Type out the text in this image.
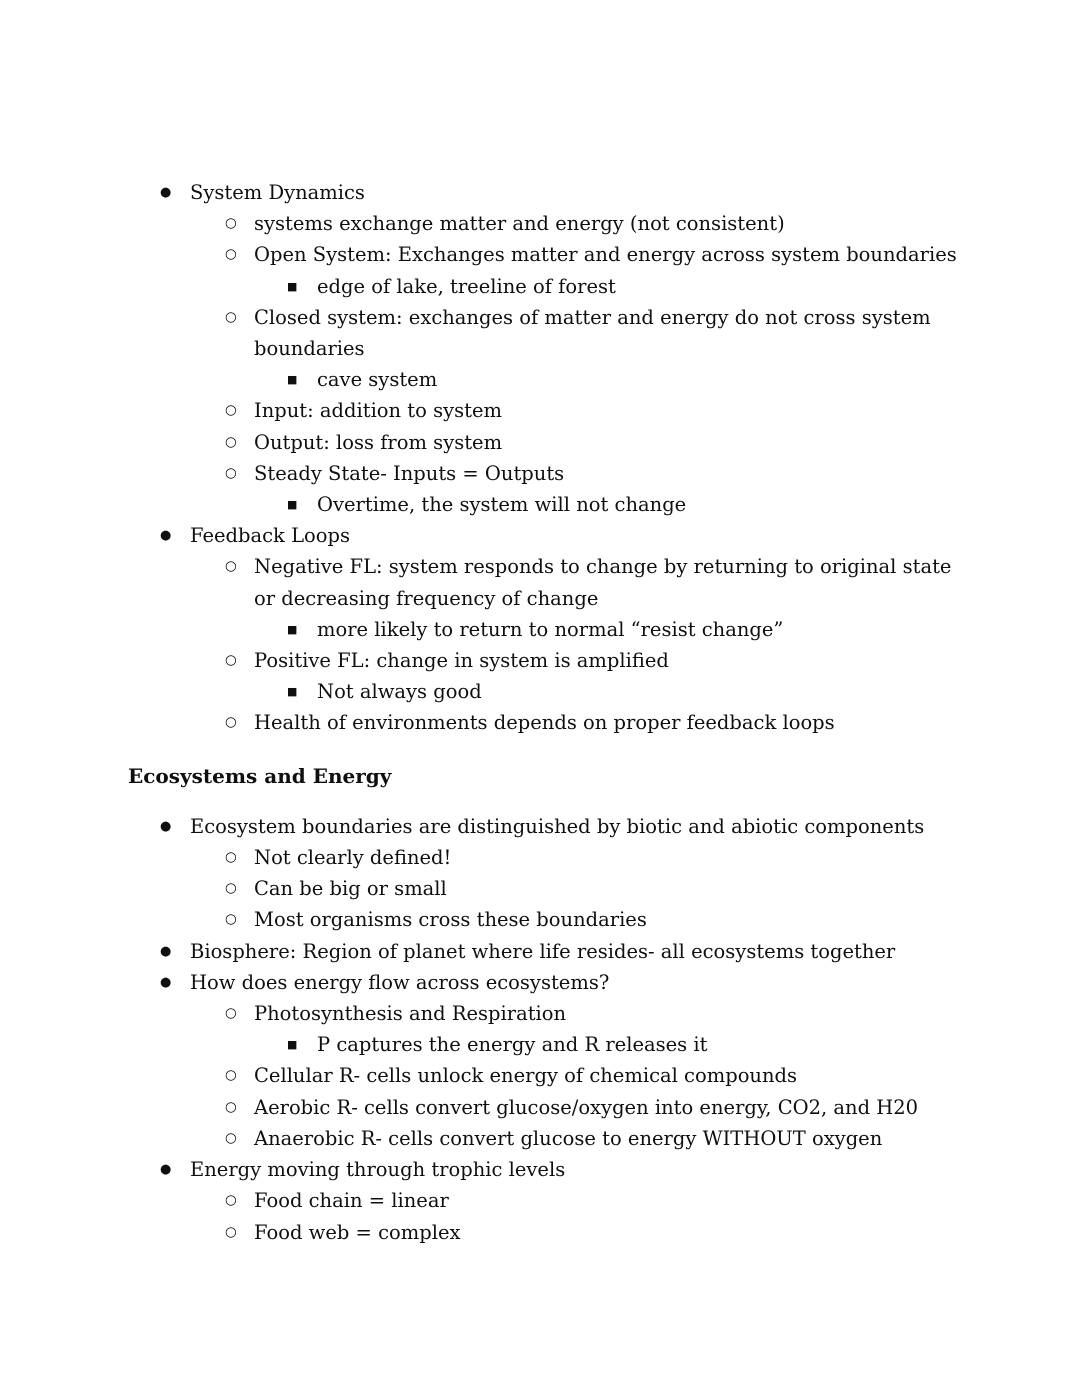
● System Dynamics
○ systems exchange matter and energy (not consistent)
○ Open System: Exchanges matter and energy across system boundaries
■	edge of lake, treeline of forest
○ Closed system: exchanges of matter and energy do not cross system
boundaries
■	cave system
○ Input: addition to system
○ Output: loss from system
○ Steady State- Inputs = Outputs
■	Overtime, the system will not change
● Feedback Loops
○ Negative FL: system responds to change by returning to original state
or decreasing frequency of change
■	more likely to return to normal “resist change”
○ Positive FL: change in system is amplified
■	Not always good
○ Health of environments depends on proper feedback loops
Ecosystems and Energy
● Ecosystem boundaries are distinguished by biotic and abiotic components
○ Not clearly defined!
○ Can be big or small
○ Most organisms cross these boundaries
● Biosphere: Region of planet where life resides- all ecosystems together
● How does energy flow across ecosystems?
○ Photosynthesis and Respiration
■	P captures the energy and R releases it
○ Cellular R- cells unlock energy of chemical compounds
○ Aerobic R- cells convert glucose/oxygen into energy, CO2, and H20
○ Anaerobic R- cells convert glucose to energy WITHOUT oxygen
● Energy moving through trophic levels
○ Food chain = linear
○ Food web = complex
